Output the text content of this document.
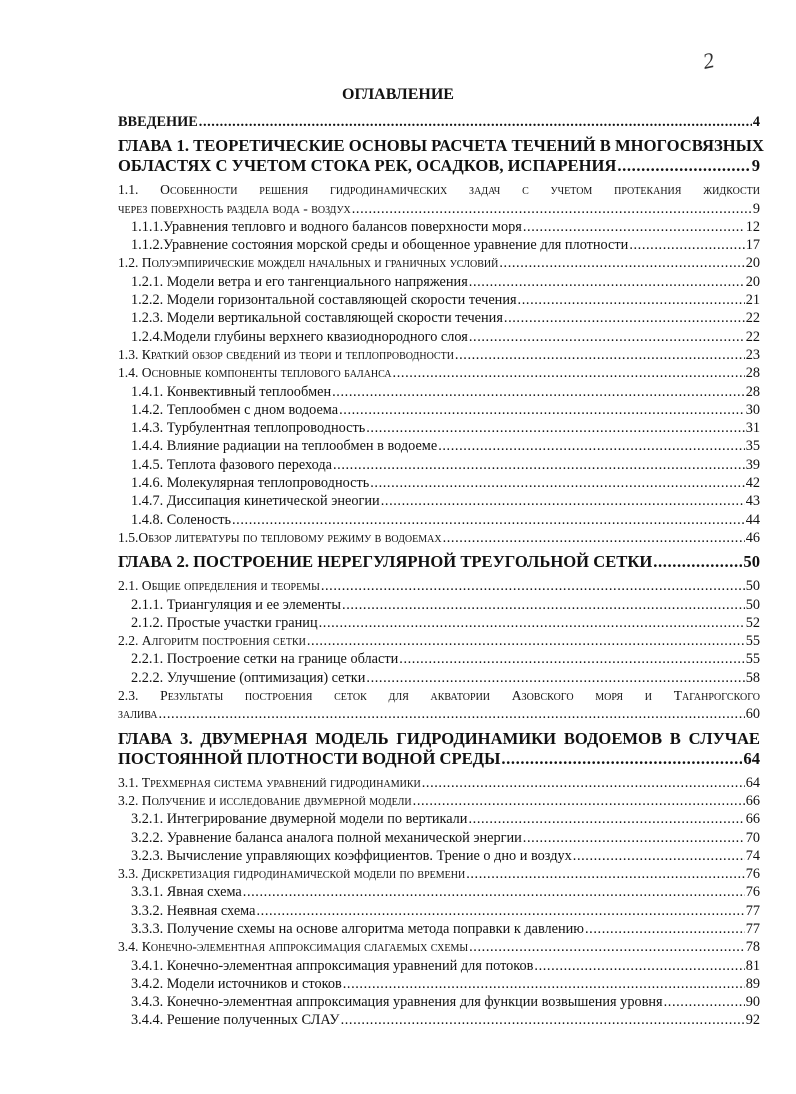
2
ОГЛАВЛЕНИЕ
ВВЕДЕНИЕ .....	4
ГЛАВА 1. ТЕОРЕТИЧЕСКИЕ ОСНОВЫ РАСЧЕТА ТЕЧЕНИЙ В МНОГОСВЯЗНЫХ
ОБЛАСТЯХ С УЧЕТОМ СТОКА РЕК, ОСАДКОВ, ИСПАРЕНИЯ .....	9
1.1. Особенности решения гидродинамических задач с учетом протекания жидкости
через поверхность раздела вода - воздух .....	9
1.1.1.Уравнения тепловго и водного балансов поверхности моря .....	12
1.1.2.Уравнение состояния морской среды и обощенное уравнение для плотности .....	17
1.2. Полуэмпирические можделi начальных и граничных условий .....	20
1.2.1. Модели ветра и его тангенциального напряжения .....	20
1.2.2. Модели горизонтальной составляющей скорости течения .....	21
1.2.3. Модели вертикальной составляющей скорости течения .....	22
1.2.4.Модели глубины верхнего квазиоднородного слоя .....	22
1.3. Краткий обзор сведений из теори и теплопроводности .....	23
1.4. Основные компоненты теплового баланса .....	28
1.4.1. Конвективный теплообмен .....	28
1.4.2. Теплообмен с дном водоема .....	30
1.4.3. Турбулентная теплопроводность .....	31
1.4.4. Влияние радиации на теплообмен в водоеме .....	35
1.4.5. Теплота фазового перехода .....	39
1.4.6. Молекулярная теплопроводность .....	42
1.4.7. Диссипация кинетической энеогии .....	43
1.4.8. Соленость .....	44
1.5.Обзор литературы по тепловому режиму в водоемах .....	46
ГЛАВА 2. ПОСТРОЕНИЕ НЕРЕГУЛЯРНОЙ ТРЕУГОЛЬНОЙ СЕТКИ .....	50
2.1. Общие определения и теоремы .....	50
2.1.1. Триангуляция и ее элементы .....	50
2.1.2. Простые участки границ .....	52
2.2. Алгоритм построения сетки .....	55
2.2.1. Построение сетки на границе области .....	55
2.2.2. Улучшение (оптимизация) сетки .....	58
2.3. Результаты построения сеток для акватории Азовского моря и Таганрогского
залива .....	60
ГЛАВА 3. ДВУМЕРНАЯ МОДЕЛЬ ГИДРОДИНАМИКИ ВОДОЕМОВ В СЛУЧАЕ
ПОСТОЯННОЙ ПЛОТНОСТИ ВОДНОЙ СРЕДЫ .....	64
3.1. Трехмерная система уравнений гидродинамики .....	64
3.2. Получение и исследование двумерной модели .....	66
3.2.1. Интегрирование двумерной модели по вертикали .....	66
3.2.2. Уравнение баланса аналога полной механической энергии .....	70
3.2.3. Вычисление управляющих коэффициентов. Трение о дно и воздух .....	74
3.3. Дискретизация гидродинамической модели по времени .....	76
3.3.1. Явная схема .....	76
3.3.2. Неявная схема .....	77
3.3.3. Получение схемы на основе алгоритма метода поправки к давлению .....	77
3.4. Конечно-элементная аппроксимация слагаемых схемы .....	78
3.4.1. Конечно-элементная аппроксимация уравнений для потоков .....	81
3.4.2. Модели источников и стоков .....	89
3.4.3. Конечно-элементная аппроксимация уравнения для функции возвышения уровня .....	90
3.4.4. Решение полученных СЛАУ .....	92
